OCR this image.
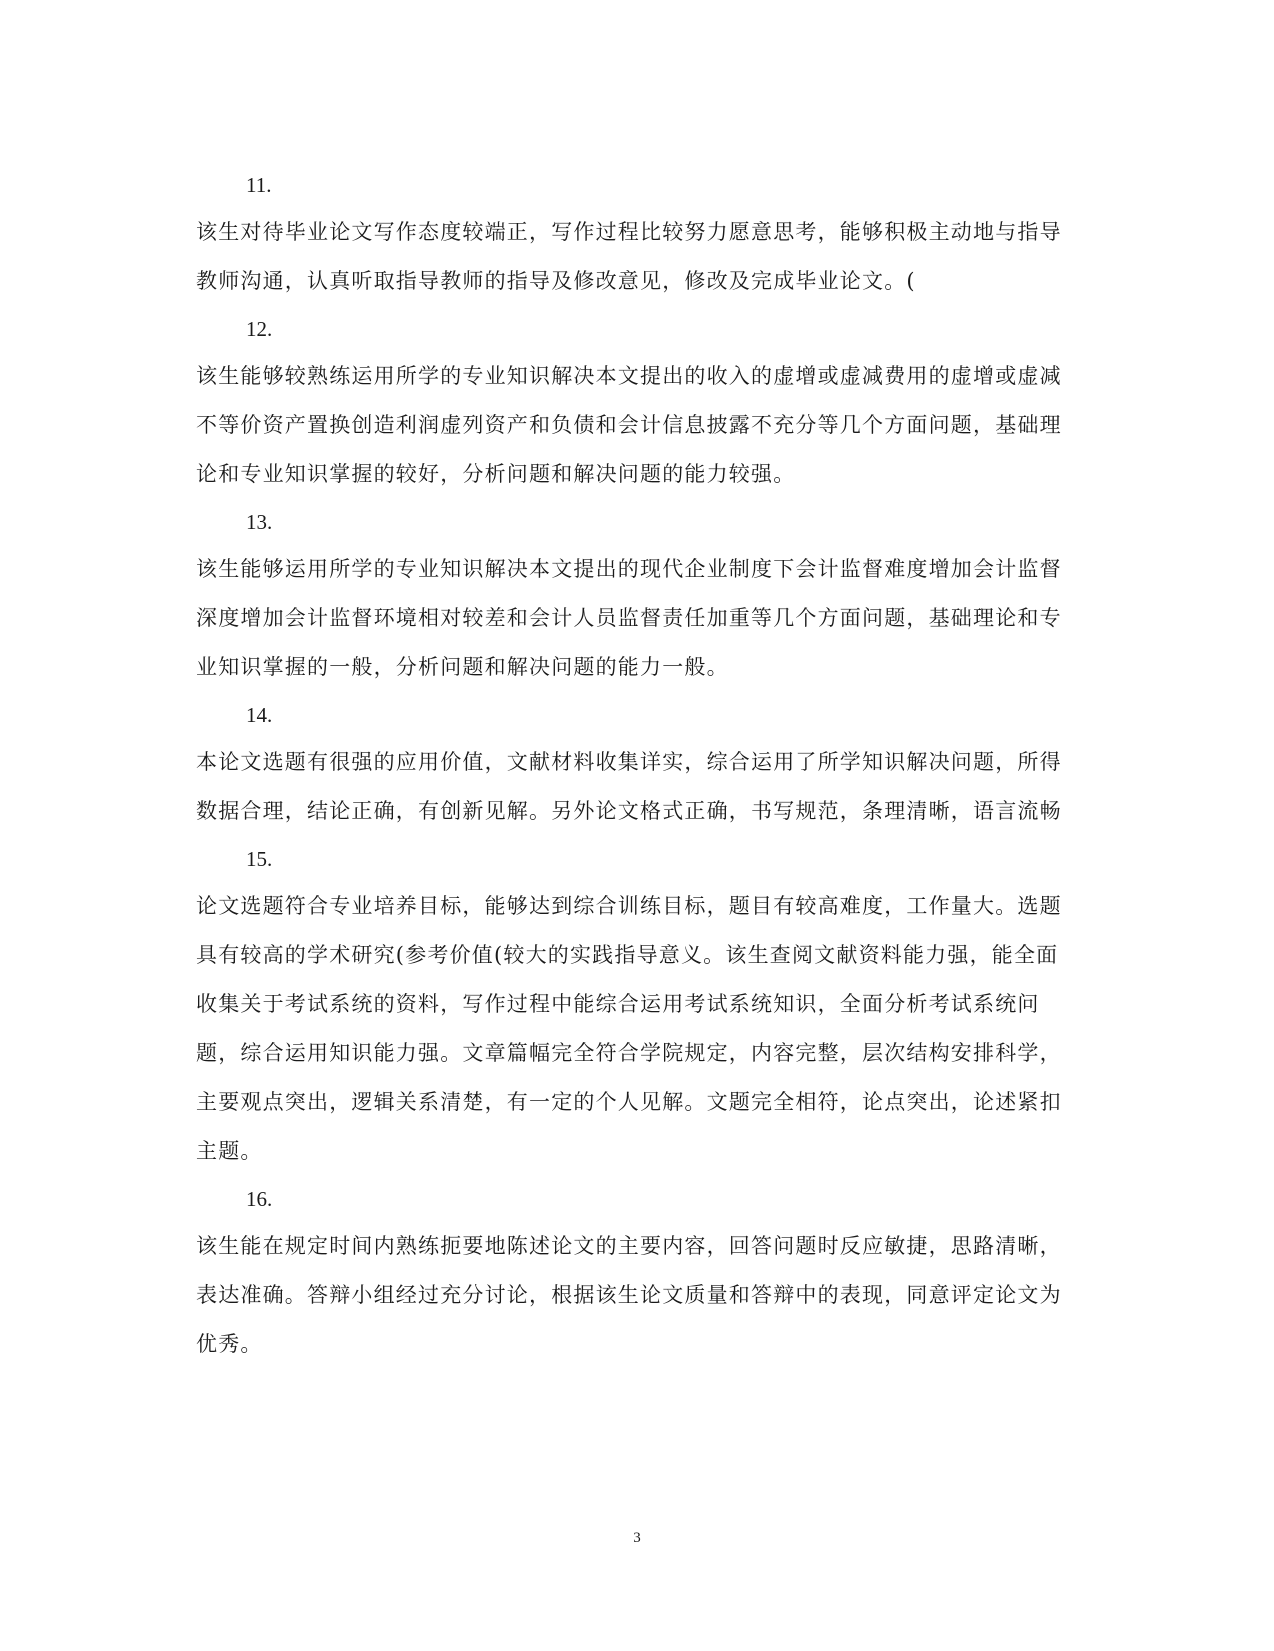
11.

该生对待毕业论文写作态度较端正，写作过程比较努力愿意思考，能够积极主动地与指导教师沟通，认真听取指导教师的指导及修改意见，修改及完成毕业论文。(

12.

该生能够较熟练运用所学的专业知识解决本文提出的收入的虚增或虚减费用的虚增或虚减不等价资产置换创造利润虚列资产和负债和会计信息披露不充分等几个方面问题，基础理论和专业知识掌握的较好，分析问题和解决问题的能力较强。

13.

该生能够运用所学的专业知识解决本文提出的现代企业制度下会计监督难度增加会计监督深度增加会计监督环境相对较差和会计人员监督责任加重等几个方面问题，基础理论和专业知识掌握的一般，分析问题和解决问题的能力一般。

14.

本论文选题有很强的应用价值，文献材料收集详实，综合运用了所学知识解决问题，所得数据合理，结论正确，有创新见解。另外论文格式正确，书写规范，条理清晰，语言流畅

15.

论文选题符合专业培养目标，能够达到综合训练目标，题目有较高难度，工作量大。选题具有较高的学术研究(参考价值(较大的实践指导意义。该生查阅文献资料能力强，能全面收集关于考试系统的资料，写作过程中能综合运用考试系统知识，全面分析考试系统问题，综合运用知识能力强。文章篇幅完全符合学院规定，内容完整，层次结构安排科学，主要观点突出，逻辑关系清楚，有一定的个人见解。文题完全相符，论点突出，论述紧扣主题。

16.

该生能在规定时间内熟练扼要地陈述论文的主要内容，回答问题时反应敏捷，思路清晰，表达准确。答辩小组经过充分讨论，根据该生论文质量和答辩中的表现，同意评定论文为优秀。

3
